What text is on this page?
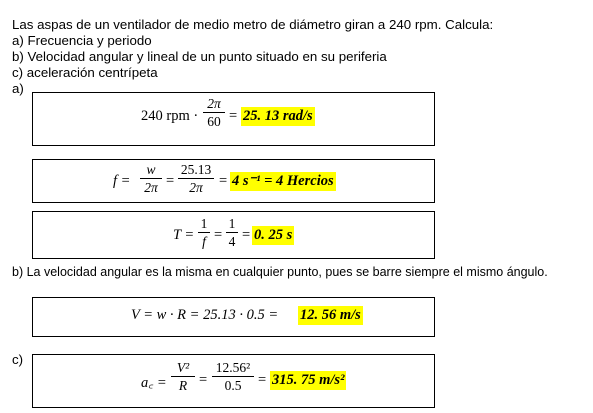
Las aspas de un ventilador de medio metro de diámetro giran a 240 rpm. Calcula:
a) Frecuencia y periodo
b) Velocidad angular y lineal de un punto situado en su periferia
c) aceleración centrípeta
a)
240 rpm ·
2π
60 = 25. 13 rad/s
f =
w
2π =
25.13
2π	= 4 s⁻¹ = 4 Hercios
T =
1
f =
1
4 = 0. 25 s
b) La velocidad angular es la misma en cualquier punto, pues se barre siempre el mismo ángulo.
V = w · R = 25.13 · 0.5 = 12. 56 m/s
c)
a꜀ =
V²
R =
12.56²
0.5	= 315. 75 m/s²
